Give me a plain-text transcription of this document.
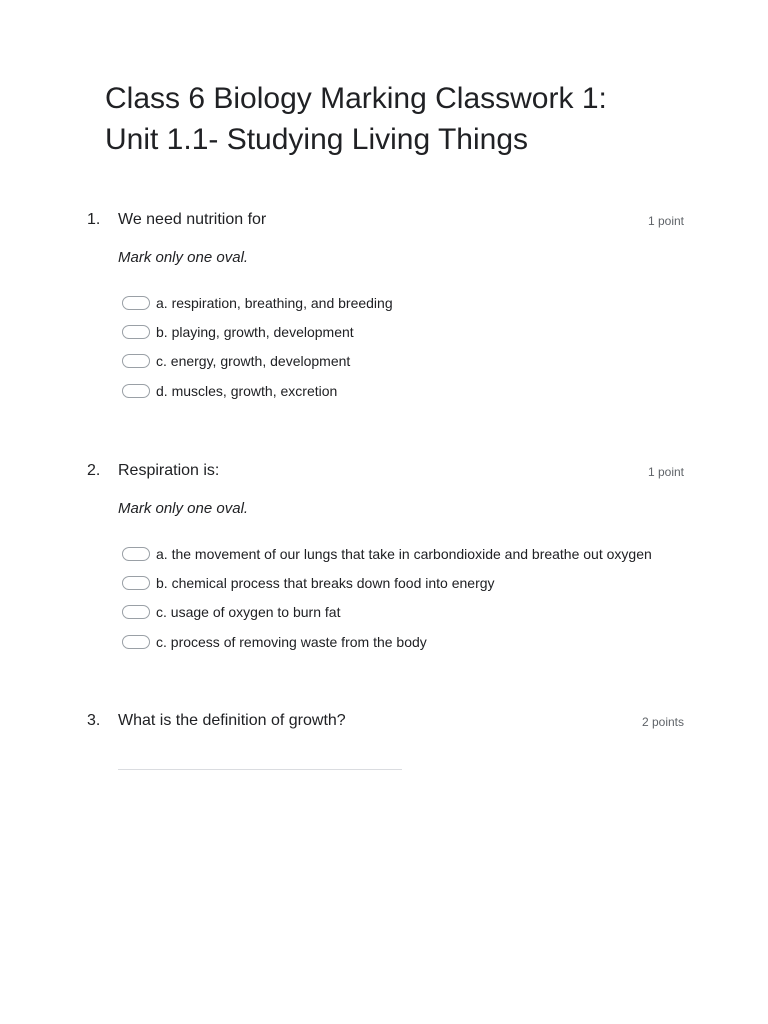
Class 6 Biology Marking Classwork 1:
Unit 1.1- Studying Living Things
1. We need nutrition for	1 point
Mark only one oval.
a. respiration, breathing, and breeding
b. playing, growth, development
c. energy, growth, development
d. muscles, growth, excretion
2. Respiration is:	1 point
Mark only one oval.
a. the movement of our lungs that take in carbondioxide and breathe out oxygen
b. chemical process that breaks down food into energy
c. usage of oxygen to burn fat
c. process of removing waste from the body
3. What is the definition of growth?	2 points
